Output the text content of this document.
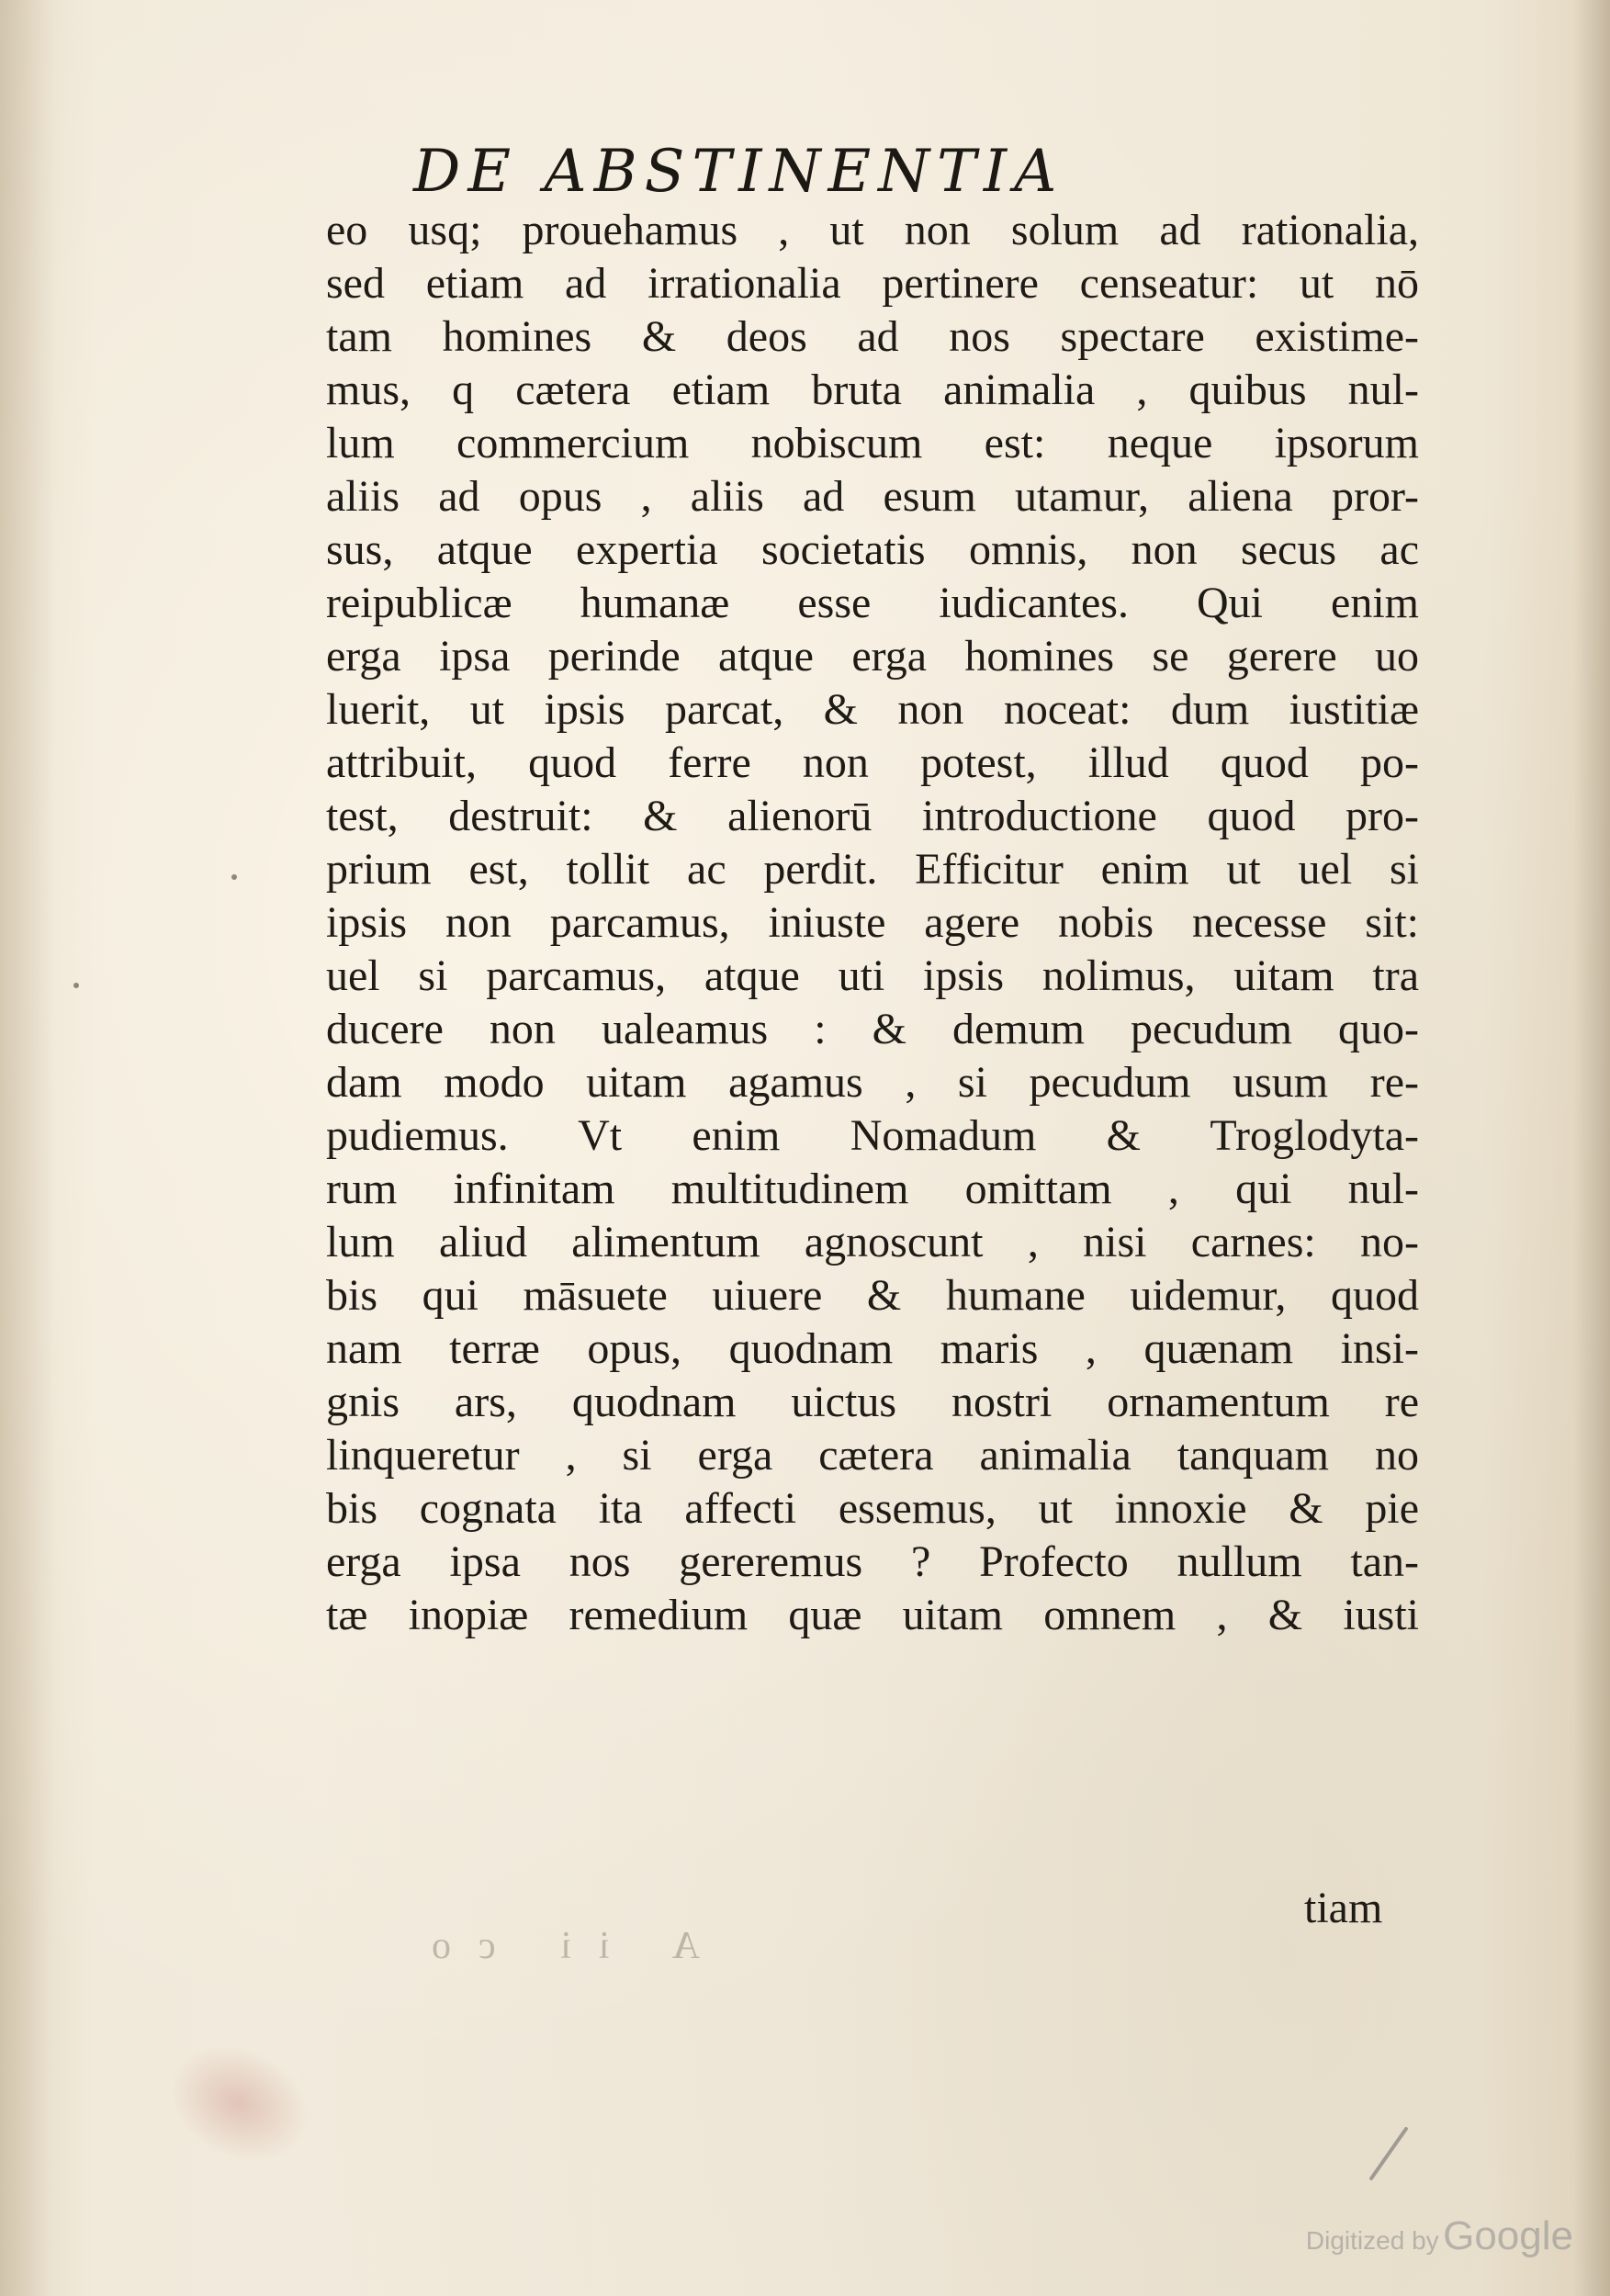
DE ABSTINENTIA
eo usq; prouehamus , ut non solum ad rationalia,
sed etiam ad irrationalia pertinere censeatur: ut nō
tam homines & deos ad nos spectare existime-
mus, q cætera etiam bruta animalia , quibus nul-
lum commercium nobiscum est: neque ipsorum
aliis ad opus , aliis ad esum utamur, aliena pror-
sus, atque expertia societatis omnis, non secus ac
reipublicæ humanæ esse iudicantes. Qui enim
erga ipsa perinde atque erga homines se gerere uo
luerit, ut ipsis parcat, & non noceat: dum iustitiæ
attribuit, quod ferre non potest, illud quod po-
test, destruit: & alienorū introductione quod pro-
prium est, tollit ac perdit. Efficitur enim ut uel si
ipsis non parcamus, iniuste agere nobis necesse sit:
uel si parcamus, atque uti ipsis nolimus, uitam tra
ducere non ualeamus : & demum pecudum quo-
dam modo uitam agamus , si pecudum usum re-
pudiemus. Vt enim Nomadum & Troglodyta-
rum infinitam multitudinem omittam , qui nul-
lum aliud alimentum agnoscunt , nisi carnes: no-
bis qui māsuete uiuere & humane uidemur, quod
nam terræ opus, quodnam maris , quænam insi-
gnis ars, quodnam uictus nostri ornamentum re
linqueretur , si erga cætera animalia tanquam no
bis cognata ita affecti essemus, ut innoxie & pie
erga ipsa nos gereremus ? Profecto nullum tan-
tæ inopiæ remedium quæ uitam omnem , & iusti
tiam
A ii co
Digitized by Google
